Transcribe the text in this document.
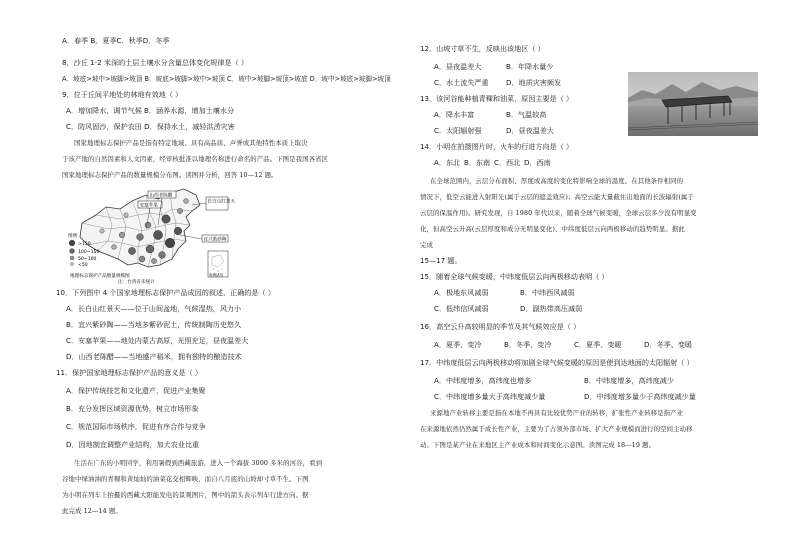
A．春季 B．夏季C．秋季D．冬季
8．沙丘 1-2 米深的土层土壤水分含量总体变化规律是（ ）
A．坡底>坡中>坡脚>坡顶 B．坡底>坡脚>坡中>坡顶 C．坡中>坡脚>坡顶>坡底 D．坡中>坡底>坡脚>坡顶
9．位于丘间平地处的林地有效地（ ）
A．增加降水，调节气候 B．涵养水源，增加土壤水分
C．防风固沙，保护农田 D．保持水土，减轻洪涝灾害
国家地理标志保护产品是指有特定地域、具有高品质、声誉或其他特性本质上取决
于该产地的自然因素和人文因素，经审核批准以地理名称进行命名的产品。下图是我国各省区
国家地理标志保护产品的数量规模分布图。读图并分析，回答 10—12 题。
10．下列图中 4 个国家地理标志保护产品成因的叙述，正确的是（ ）
A．长白山红景天——位于山间盆地，气候湿热，风力小
B．宜兴紫砂陶——当地多紫砂泥土，传统制陶历史悠久
C．安塞苹果——地处内蒙古高原，光照充足，昼夜温差大
D．山西老陈醋——当地盛产稻米，拥有独特的酿造技术
11．保护国家地理标志保护产品的意义是（ ）
A．保护传统技艺和文化遗产，促进产业集聚
B．充分发挥区域资源优势，树立市场形象
C．规范国际市场秩序，促进有序合作与竞争
D．因地制宜调整产业结构，加大农业比重
生活在广东的小明同学，利用暑假到西藏旅游，进入一个海拔 3000 多米的河谷，看到
谷地中绿油油的青稞和黄灿灿的油菜花交相辉映，而自八月底的山坡却寸草不生。下图
为小明在列车上拍摄的西藏大阳能发电的景观图片，图中的箭头表示列车行进方向。据
此完成 12—14 题。
山西老陈醋
安塞苹果
长白山红景天
宜兴紫砂陶
图例
>150
100~150
50~100
<50
南海诸岛
地理标志保护产品数量规模图
注：台湾省未统计
12．山坡寸草不生，反映出该地区（ ）
A．昼夜温差大	B．年降水量少
C．水土流失严重 D．地质灾害频发
13．该河谷能种植青稞和油菜，原因主要是（ ）
A．降水丰富	B．气温较高
C．太阳辐射强	D．昼夜温差大
14．小明在拍摄图片时，火车的行进方向是（ ）
A．东北 B．东南 C．西北 D．西南
在全球范围内，云层分布面积、厚度或高度的变化特影响全球的温度。在其他条件相同的
情况下，低空云能进入射阳光(属于云层的遮盖效应)；高空云能大量截住出地面的长波辐射(属于
云层的保温作用)。研究发现，自 1980 年代以来，随着全球气候变暖，全球云层多少没有明显变
化，但高空云升高(云层厚度和成分无明显变化)、中纬度低层云向两极移动的趋势明显。据此
完成
15—17 题。
15．随着全球气候变暖，中纬度低层云向两极移动表明（ ）
A．极地东风减弱	B．中纬西风减弱
C．低纬信风减弱	D．副热带高压减弱
16．高空云升高较明显的季节及其气候效应是（ ）
A．夏季、变冷	B．冬季、变冷	C．夏季、变暖	D．冬季、变暖
17．中纬度低层云向两极移动将加剧全球气候变暖的原因是使到达地面的太阳辐射（ ）
A．中纬度增多，高纬度也增多	B．中纬度增多，高纬度减少
C．中纬度增多量大于高纬度减少量	D．中纬度增多量少于高纬度减少量
来源地产业转移主要是指在本地不再具有比较优势产业的转移，扩张性产业转移是指产业
在来源地依然仍然属于成长性产业，主要为了占领外部市场、扩大产业规模而进行的空间主动移
动。下图是某产业在来地区主产业成本和时间变化示意图。读图完成 18—19 题。
